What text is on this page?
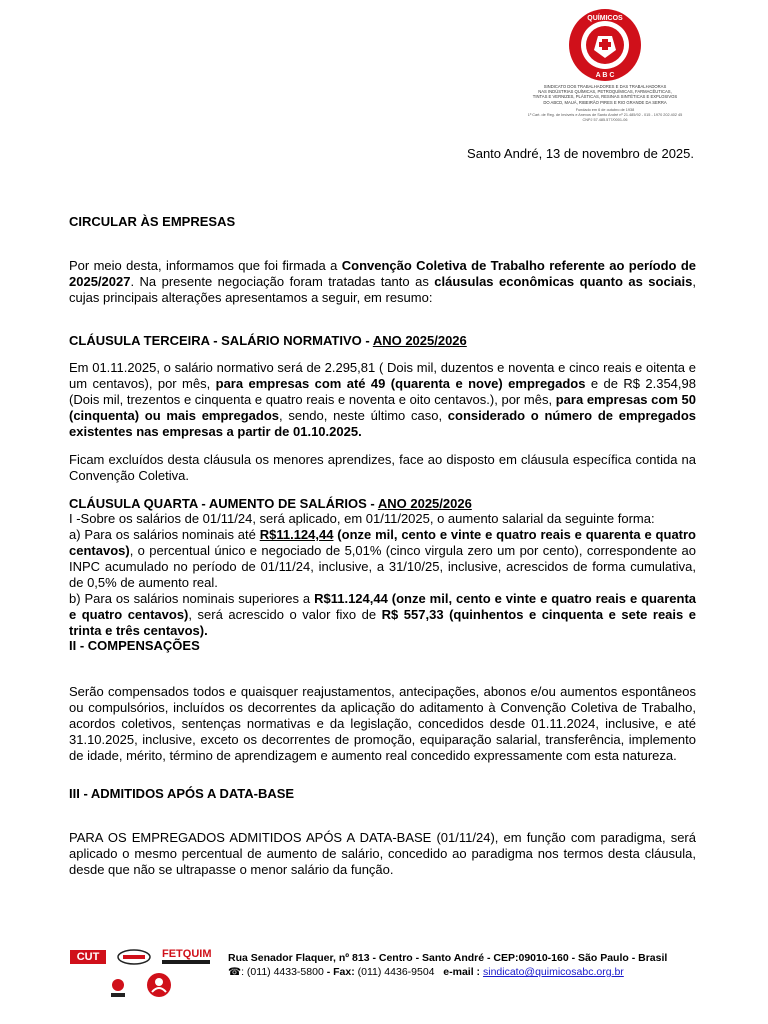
QUÍMICOS
A B C
SINDICATO DOS TRABALHADORES E DAS TRABALHADORAS
NAS INDÚSTRIAS QUÍMICAS, PETROQUÍMICAS, FARMACÊUTICAS,
TINTAS E VERNIZES, PLÁSTICAS, RESINAS SINTÉTICAS E EXPLOSIVOS
DO ABCD, MAUÁ, RIBEIRÃO PIRES E RIO GRANDE DA SERRA
Fundado em 6 de outubro de 1938
1º Cart. de Reg. de Imóveis e Anexos de Santo André nº 21.485/92 - 015 - 1970 202.402 45
CNPJ 57.485.577/0001-06
Santo André, 13 de novembro de 2025.
CIRCULAR ÀS EMPRESAS
Por meio desta, informamos que foi firmada a Convenção Coletiva de Trabalho referente ao período de 2025/2027. Na presente negociação foram tratadas tanto as cláusulas econômicas quanto as sociais, cujas principais alterações apresentamos a seguir, em resumo:
CLÁUSULA TERCEIRA - SALÁRIO NORMATIVO - ANO 2025/2026
Em 01.11.2025, o salário normativo será de 2.295,81 ( Dois mil, duzentos e noventa e cinco reais e oitenta e um centavos), por mês, para empresas com até 49 (quarenta e nove) empregados e de R$ 2.354,98 (Dois mil, trezentos e cinquenta e quatro reais e noventa e oito centavos.), por mês, para empresas com 50 (cinquenta) ou mais empregados, sendo, neste último caso, considerado o número de empregados existentes nas empresas a partir de 01.10.2025.
Ficam excluídos desta cláusula os menores aprendizes, face ao disposto em cláusula específica contida na Convenção Coletiva.
CLÁUSULA QUARTA - AUMENTO DE SALÁRIOS - ANO 2025/2026
I -Sobre os salários de 01/11/24, será aplicado, em 01/11/2025, o aumento salarial da seguinte forma:
a) Para os salários nominais até R$11.124,44 (onze mil, cento e vinte e quatro reais e quarenta e quatro centavos), o percentual único e negociado de 5,01% (cinco virgula zero um por cento), correspondente ao INPC acumulado no período de 01/11/24, inclusive, a 31/10/25, inclusive, acrescidos de forma cumulativa, de 0,5% de aumento real.
b) Para os salários nominais superiores a R$11.124,44 (onze mil, cento e vinte e quatro reais e quarenta e quatro centavos), será acrescido o valor fixo de R$ 557,33 (quinhentos e cinquenta e sete reais e trinta e três centavos).
II - COMPENSAÇÕES
Serão compensados todos e quaisquer reajustamentos, antecipações, abonos e/ou aumentos espontâneos ou compulsórios, incluídos os decorrentes da aplicação do aditamento à Convenção Coletiva de Trabalho, acordos coletivos, sentenças normativas e da legislação, concedidos desde 01.11.2024, inclusive, e até 31.10.2025, inclusive, exceto os decorrentes de promoção, equiparação salarial, transferência, implemento de idade, mérito, término de aprendizagem e aumento real concedido expressamente com esta natureza.
III - ADMITIDOS APÓS A DATA-BASE
PARA OS EMPREGADOS ADMITIDOS APÓS A DATA-BASE (01/11/24), em função com paradigma, será aplicado o mesmo percentual de aumento de salário, concedido ao paradigma nos termos desta cláusula, desde que não se ultrapasse o menor salário da função.
CUT	FETQUIM Rua Senador Flaquer, nº 813 - Centro - Santo André - CEP:09010-160 - São Paulo - Brasil
☎: (011) 4433-5800 - Fax: (011) 4436-9504 e-mail : sindicato@quimicosabc.org.br
